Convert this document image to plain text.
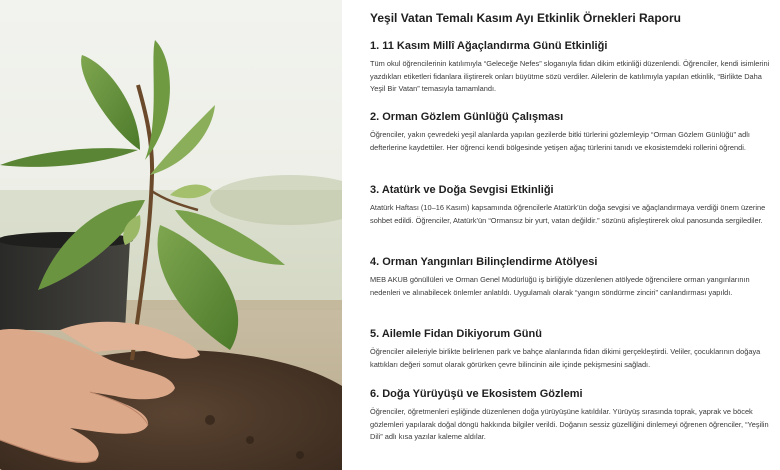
Yeşil Vatan Temalı Kasım Ayı Etkinlik Örnekleri Raporu
1. 11 Kasım Millî Ağaçlandırma Günü Etkinliği

Tüm okul öğrencilerinin katılımıyla “Geleceğe Nefes” sloganıyla fidan dikim etkinliği düzenlendi. Öğrenciler, kendi isimlerini yazdıkları etiketleri fidanlara iliştirerek onları büyütme sözü verdiler. Ailelerin de katılımıyla yapılan etkinlik, “Birlikte Daha Yeşil Bir Vatan” temasıyla tamamlandı.

2. Orman Gözlem Günlüğü Çalışması

Öğrenciler, yakın çevredeki yeşil alanlarda yapılan gezilerde bitki türlerini gözlemleyip “Orman Gözlem Günlüğü” adlı defterlerine kaydettiler. Her öğrenci kendi bölgesinde yetişen ağaç türlerini tanıdı ve ekosistemdeki rollerini öğrendi.

3. Atatürk ve Doğa Sevgisi Etkinliği

Atatürk Haftası (10–16 Kasım) kapsamında öğrencilerle Atatürk’ün doğa sevgisi ve ağaçlandırmaya verdiği önem üzerine sohbet edildi. Öğrenciler, Atatürk’ün “Ormansız bir yurt, vatan değildir.” sözünü afişleştirerek okul panosunda sergilediler.

4. Orman Yangınları Bilinçlendirme Atölyesi

MEB AKUB gönüllüleri ve Orman Genel Müdürlüğü iş birliğiyle düzenlenen atölyede öğrencilere orman yangınlarının nedenleri ve alınabilecek önlemler anlatıldı. Uygulamalı olarak “yangın söndürme zinciri” canlandırması yapıldı.

5. Ailemle Fidan Dikiyorum Günü

Öğrenciler aileleriyle birlikte belirlenen park ve bahçe alanlarında fidan dikimi gerçekleştirdi. Veliler, çocuklarının doğaya kattıkları değeri somut olarak görürken çevre bilincinin aile içinde pekişmesini sağladı.

6. Doğa Yürüyüşü ve Ekosistem Gözlemi

Öğrenciler, öğretmenleri eşliğinde düzenlenen doğa yürüyüşüne katıldılar. Yürüyüş sırasında toprak, yaprak ve böcek gözlemleri yapılarak doğal döngü hakkında bilgiler verildi. Doğanın sessiz güzelliğini dinlemeyi öğrenen öğrenciler, “Yeşilin Dili” adlı kısa yazılar kaleme aldılar.
